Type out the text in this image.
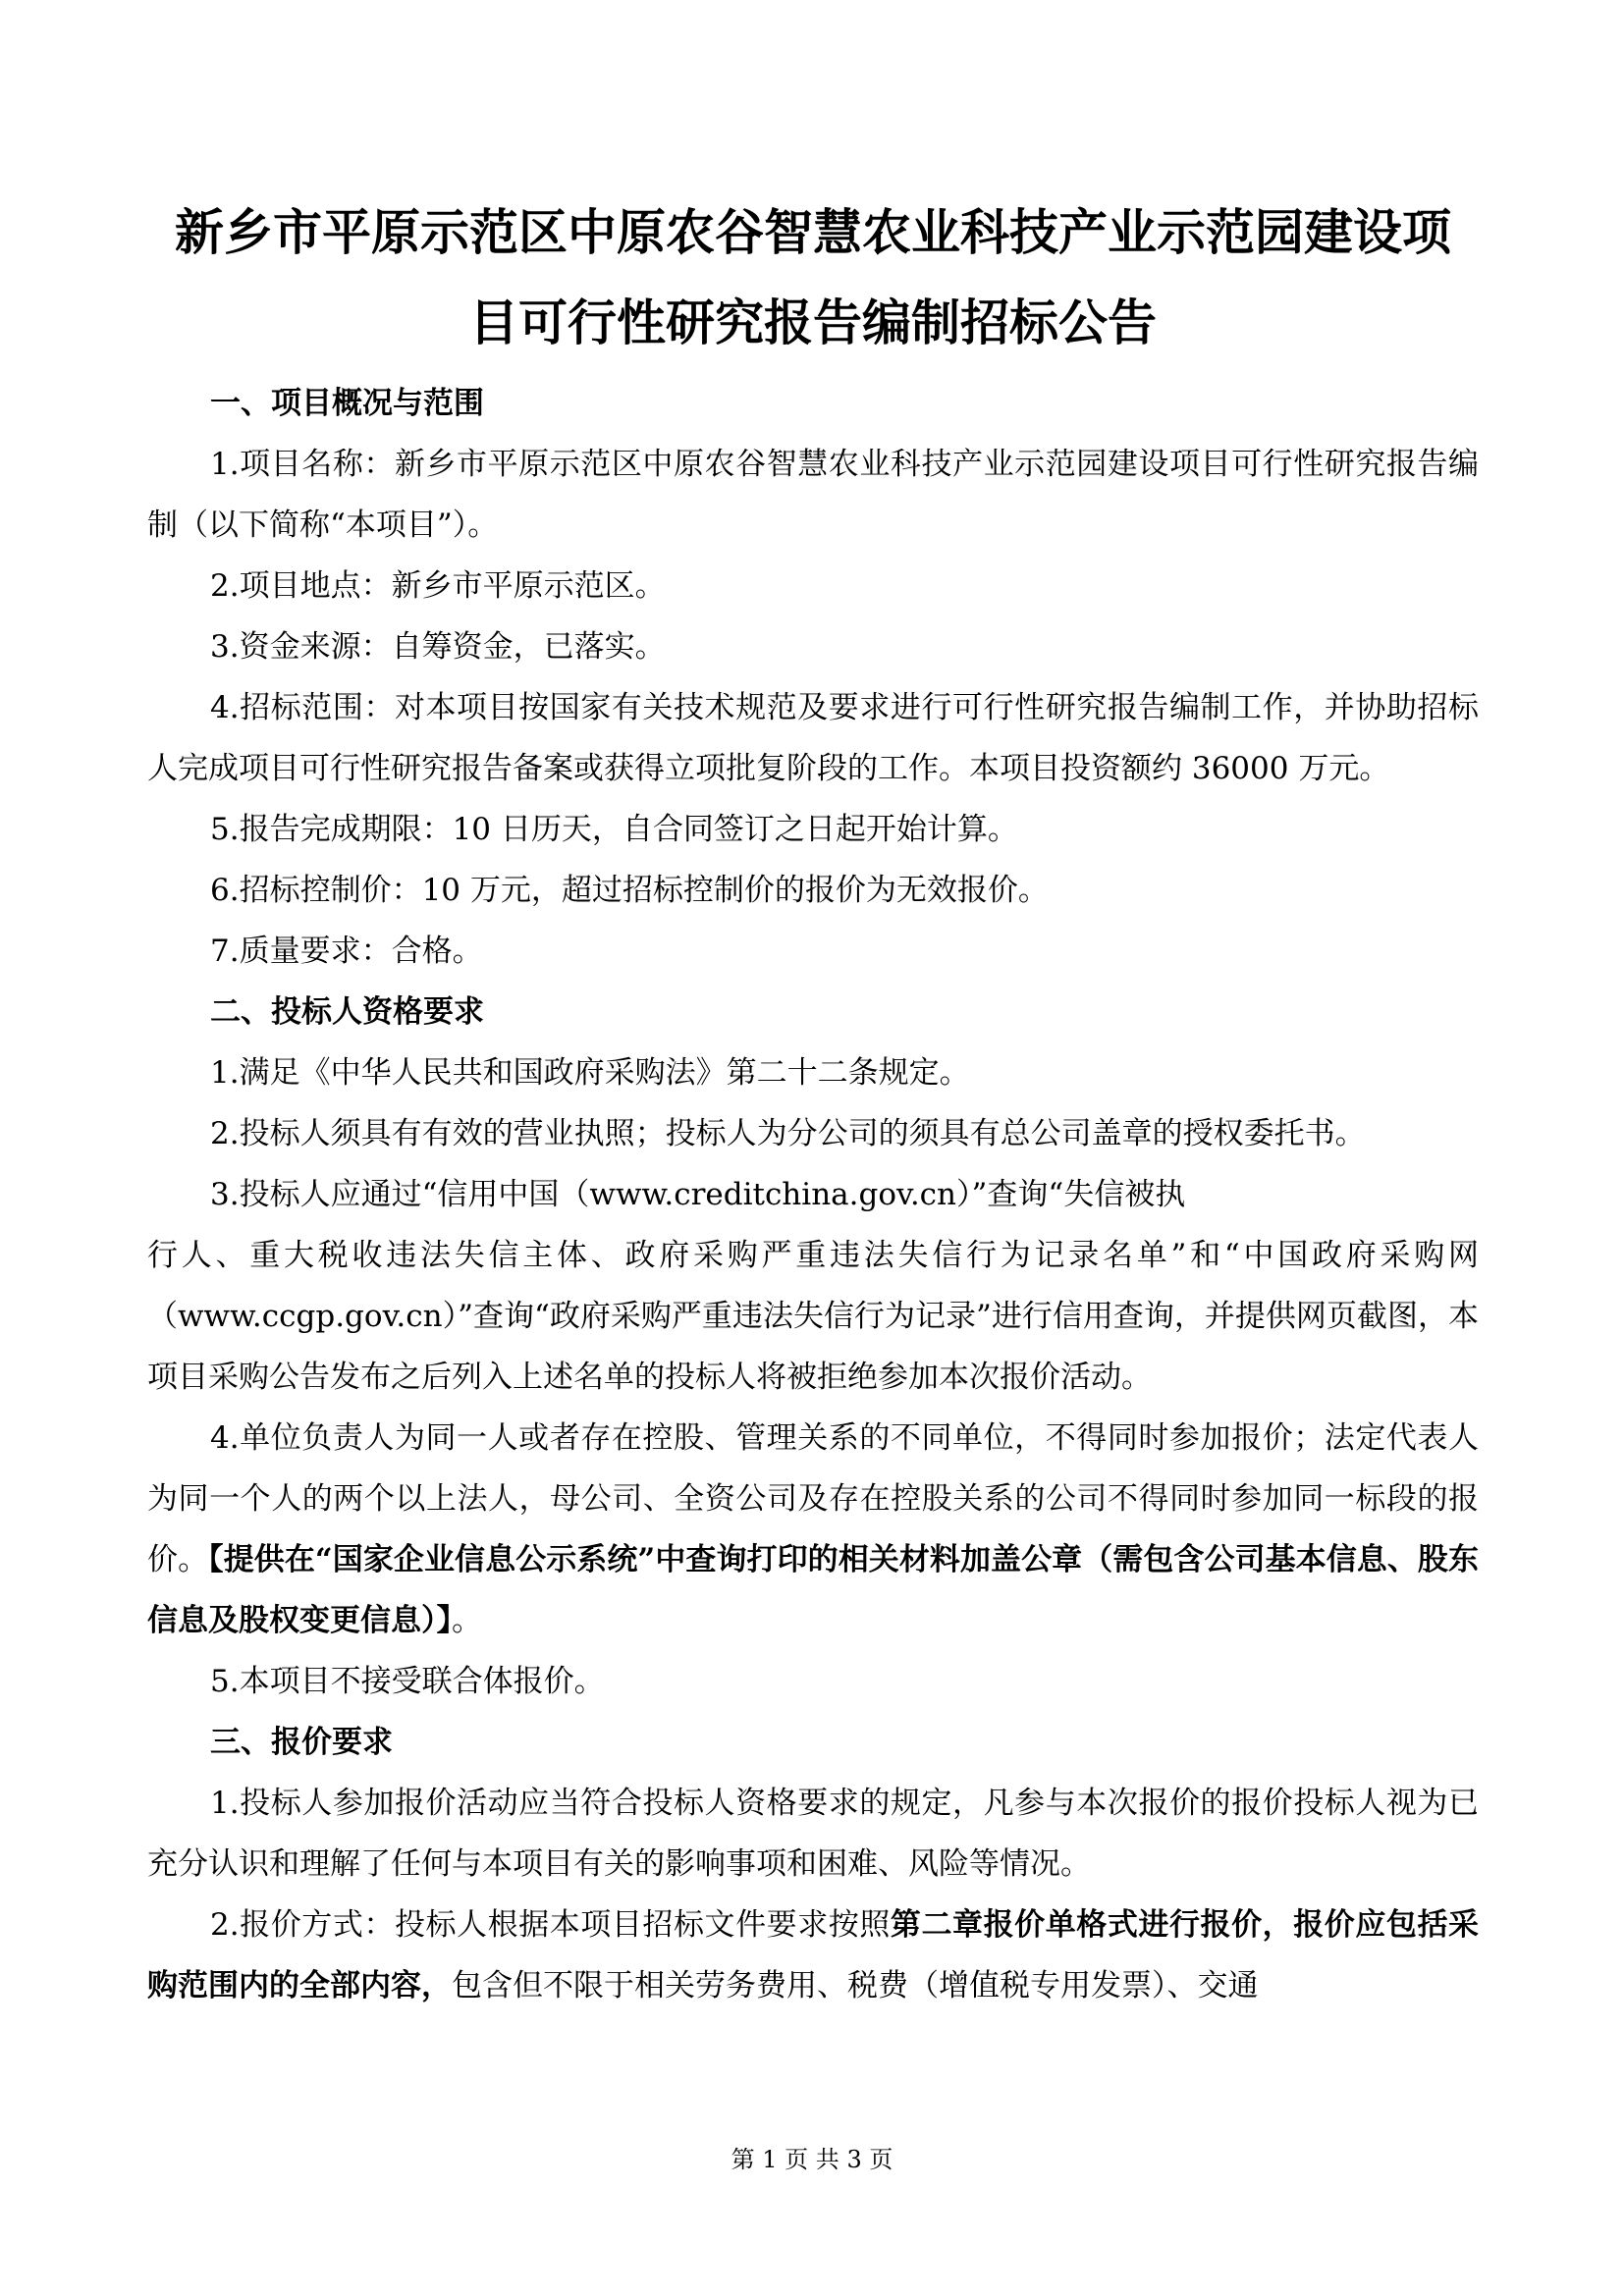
新乡市平原示范区中原农谷智慧农业科技产业示范园建设项
目可行性研究报告编制招标公告

一、项目概况与范围

1.项目名称：新乡市平原示范区中原农谷智慧农业科技产业示范园建设项目可行性研究报告编制（以下简称“本项目”）。

2.项目地点：新乡市平原示范区。

3.资金来源：自筹资金，已落实。

4.招标范围：对本项目按国家有关技术规范及要求进行可行性研究报告编制工作，并协助招标人完成项目可行性研究报告备案或获得立项批复阶段的工作。本项目投资额约 36000 万元。

5.报告完成期限：10 日历天，自合同签订之日起开始计算。

6.招标控制价：10 万元，超过招标控制价的报价为无效报价。

7.质量要求：合格。

二、投标人资格要求

1.满足《中华人民共和国政府采购法》第二十二条规定。

2.投标人须具有有效的营业执照；投标人为分公司的须具有总公司盖章的授权委托书。

3.投标人应通过“信用中国（www.creditchina.gov.cn）”查询“失信被执

行人、重大税收违法失信主体、政府采购严重违法失信行为记录名单”和“中国政府采购网（www.ccgp.gov.cn）”查询“政府采购严重违法失信行为记录”进行信用查询，并提供网页截图，本项目采购公告发布之后列入上述名单的投标人将被拒绝参加本次报价活动。

4.单位负责人为同一人或者存在控股、管理关系的不同单位，不得同时参加报价；法定代表人为同一个人的两个以上法人，母公司、全资公司及存在控股关系的公司不得同时参加同一标段的报价。【提供在“国家企业信息公示系统”中查询打印的相关材料加盖公章（需包含公司基本信息、股东信息及股权变更信息）】。

5.本项目不接受联合体报价。

三、报价要求

1.投标人参加报价活动应当符合投标人资格要求的规定，凡参与本次报价的报价投标人视为已充分认识和理解了任何与本项目有关的影响事项和困难、风险等情况。

2.报价方式：投标人根据本项目招标文件要求按照第二章报价单格式进行报价，报价应包括采购范围内的全部内容，包含但不限于相关劳务费用、税费（增值税专用发票）、交通

第 1 页 共 3 页
